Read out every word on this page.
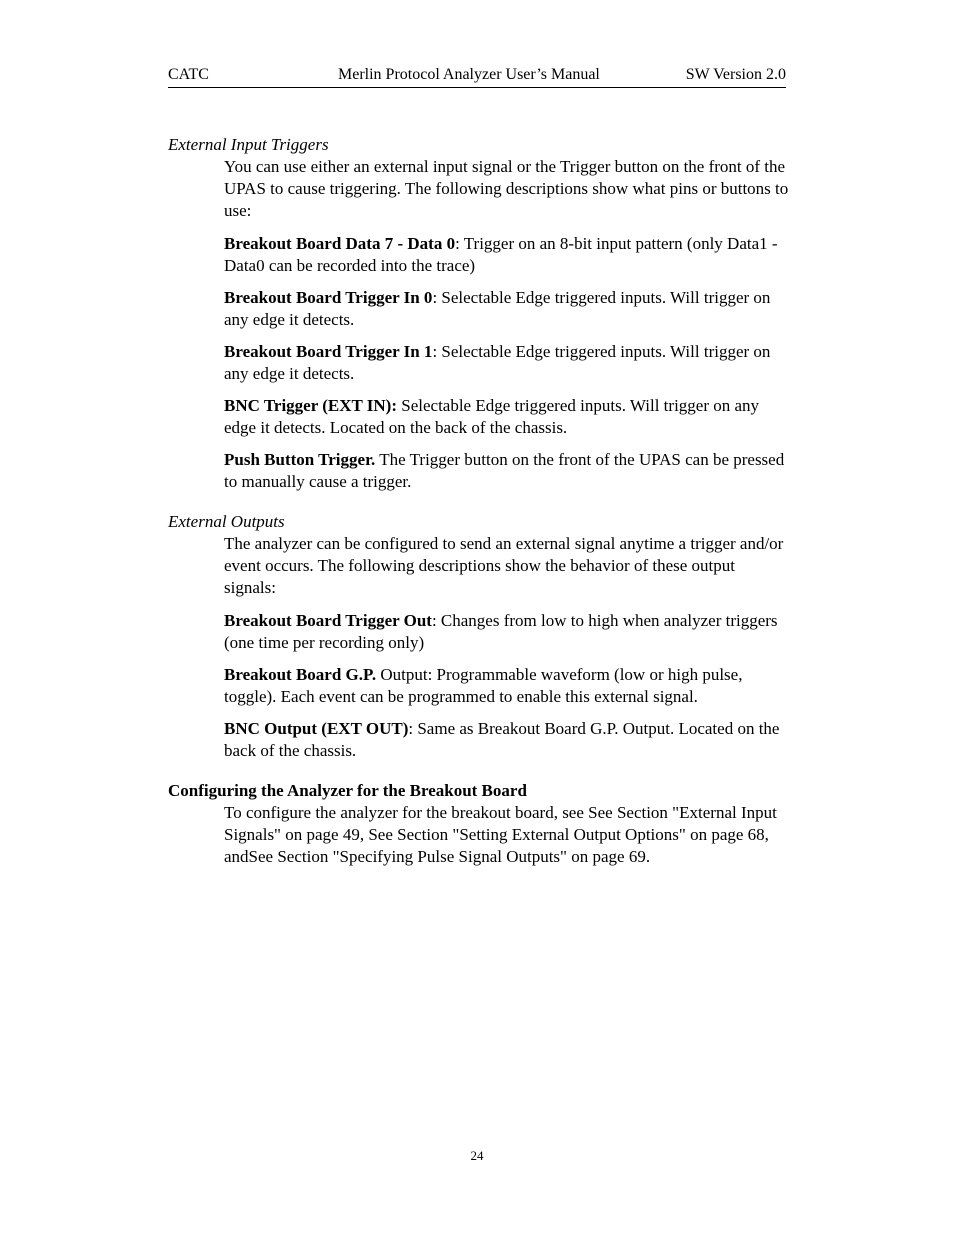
CATC	Merlin Protocol Analyzer User’s Manual	SW Version 2.0

External Input Triggers

You can use either an external input signal or the Trigger button on the front of the UPAS to cause triggering. The following descriptions show what pins or buttons to use:

Breakout Board Data 7 - Data 0: Trigger on an 8-bit input pattern (only Data1 - Data0 can be recorded into the trace)

Breakout Board Trigger In 0: Selectable Edge triggered inputs. Will trigger on any edge it detects.

Breakout Board Trigger In 1: Selectable Edge triggered inputs. Will trigger on any edge it detects.

BNC Trigger (EXT IN): Selectable Edge triggered inputs. Will trigger on any edge it detects. Located on the back of the chassis.

Push Button Trigger. The Trigger button on the front of the UPAS can be pressed to manually cause a trigger.

External Outputs

The analyzer can be configured to send an external signal anytime a trigger and/or event occurs. The following descriptions show the behavior of these output signals:

Breakout Board Trigger Out: Changes from low to high when analyzer triggers (one time per recording only)

Breakout Board G.P. Output: Programmable waveform (low or high pulse, toggle). Each event can be programmed to enable this external signal.

BNC Output (EXT OUT): Same as Breakout Board G.P. Output. Located on the back of the chassis.

Configuring the Analyzer for the Breakout Board

To configure the analyzer for the breakout board, see See Section "External Input Signals" on page 49, See Section "Setting External Output Options" on page 68, andSee Section "Specifying Pulse Signal Outputs" on page 69.

24
